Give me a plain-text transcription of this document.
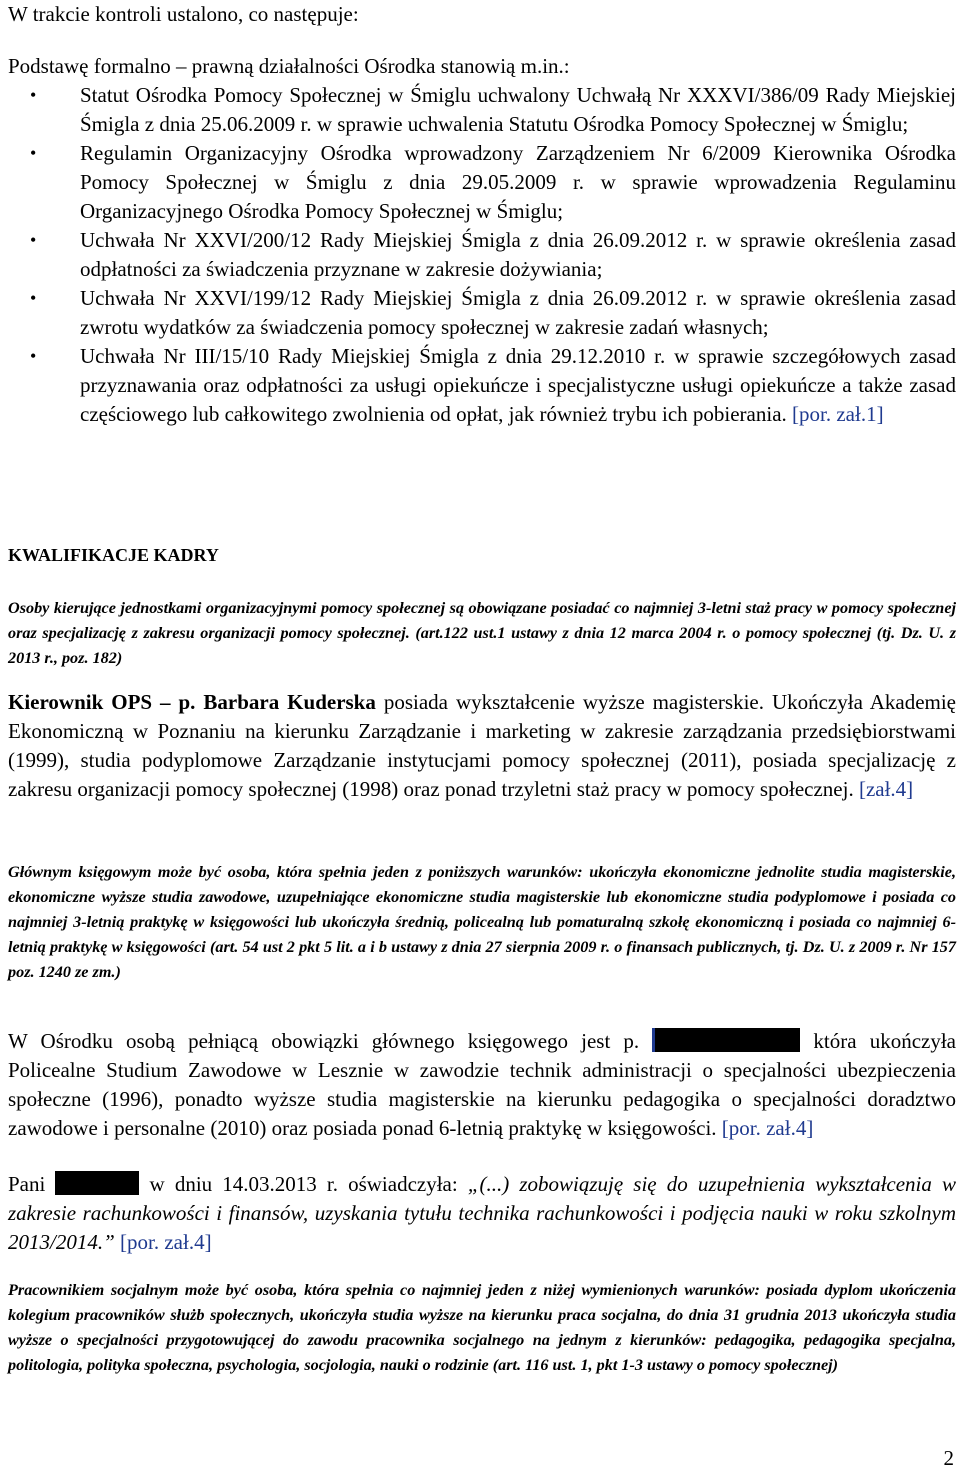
W trakcie kontroli ustalono, co następuje:

Podstawę formalno – prawną działalności Ośrodka stanowią m.in.:

• Statut Ośrodka Pomocy Społecznej w Śmiglu uchwalony Uchwałą Nr XXXVI/386/09 Rady Miejskiej Śmigla z dnia 25.06.2009 r. w sprawie uchwalenia Statutu Ośrodka Pomocy Społecznej w Śmiglu;
• Regulamin Organizacyjny Ośrodka wprowadzony Zarządzeniem Nr 6/2009 Kierownika Ośrodka Pomocy Społecznej w Śmiglu z dnia 29.05.2009 r. w sprawie wprowadzenia Regulaminu Organizacyjnego Ośrodka Pomocy Społecznej w Śmiglu;
• Uchwała Nr XXVI/200/12 Rady Miejskiej Śmigla z dnia 26.09.2012 r. w sprawie określenia zasad odpłatności za świadczenia przyznane w zakresie dożywiania;
• Uchwała Nr XXVI/199/12 Rady Miejskiej Śmigla z dnia 26.09.2012 r. w sprawie określenia zasad zwrotu wydatków za świadczenia pomocy społecznej w zakresie zadań własnych;
• Uchwała Nr III/15/10 Rady Miejskiej Śmigla z dnia 29.12.2010 r. w sprawie szczegółowych zasad przyznawania oraz odpłatności za usługi opiekuńcze i specjalistyczne usługi opiekuńcze a także zasad częściowego lub całkowitego zwolnienia od opłat, jak również trybu ich pobierania. [por. zał.1]
KWALIFIKACJE KADRY

Osoby kierujące jednostkami organizacyjnymi pomocy społecznej są obowiązane posiadać co najmniej 3-letni staż pracy w pomocy społecznej oraz specjalizację z zakresu organizacji pomocy społecznej. (art.122 ust.1 ustawy z dnia 12 marca 2004 r. o pomocy społecznej (tj. Dz. U. z 2013 r., poz. 182)

Kierownik OPS – p. Barbara Kuderska posiada wykształcenie wyższe magisterskie. Ukończyła Akademię Ekonomiczną w Poznaniu na kierunku Zarządzanie i marketing w zakresie zarządzania przedsiębiorstwami (1999), studia podyplomowe Zarządzanie instytucjami pomocy społecznej (2011), posiada specjalizację z zakresu organizacji pomocy społecznej (1998) oraz ponad trzyletni staż pracy w pomocy społecznej. [zał.4]

Głównym księgowym może być osoba, która spełnia jeden z poniższych warunków: ukończyła ekonomiczne jednolite studia magisterskie, ekonomiczne wyższe studia zawodowe, uzupełniające ekonomiczne studia magisterskie lub ekonomiczne studia podyplomowe i posiada co najmniej 3-letnią praktykę w księgowości lub ukończyła średnią, policealną lub pomaturalną szkołę ekonomiczną i posiada co najmniej 6-letnią praktykę w księgowości (art. 54 ust 2 pkt 5 lit. a i b ustawy z dnia 27 sierpnia 2009 r. o finansach publicznych, tj. Dz. U. z 2009 r. Nr 157 poz. 1240 ze zm.)

W Ośrodku osobą pełniącą obowiązki głównego księgowego jest p.	która ukończyła Policealne Studium Zawodowe w Lesznie w zawodzie technik administracji o specjalności ubezpieczenia społeczne (1996), ponadto wyższe studia magisterskie na kierunku pedagogika o specjalności doradztwo zawodowe i personalne (2010) oraz posiada ponad 6-letnią praktykę w księgowości. [por. zał.4]

Pani	w dniu 14.03.2013 r. oświadczyła: „(...) zobowiązuję się do uzupełnienia wykształcenia w zakresie rachunkowości i finansów, uzyskania tytułu technika rachunkowości i podjęcia nauki w roku szkolnym 2013/2014.” [por. zał.4]

Pracownikiem socjalnym może być osoba, która spełnia co najmniej jeden z niżej wymienionych warunków: posiada dyplom ukończenia kolegium pracowników służb społecznych, ukończyła studia wyższe na kierunku praca socjalna, do dnia 31 grudnia 2013 ukończyła studia wyższe o specjalności przygotowującej do zawodu pracownika socjalnego na jednym z kierunków: pedagogika, pedagogika specjalna, politologia, polityka społeczna, psychologia, socjologia, nauki o rodzinie (art. 116 ust. 1, pkt 1-3 ustawy o pomocy społecznej)

2
